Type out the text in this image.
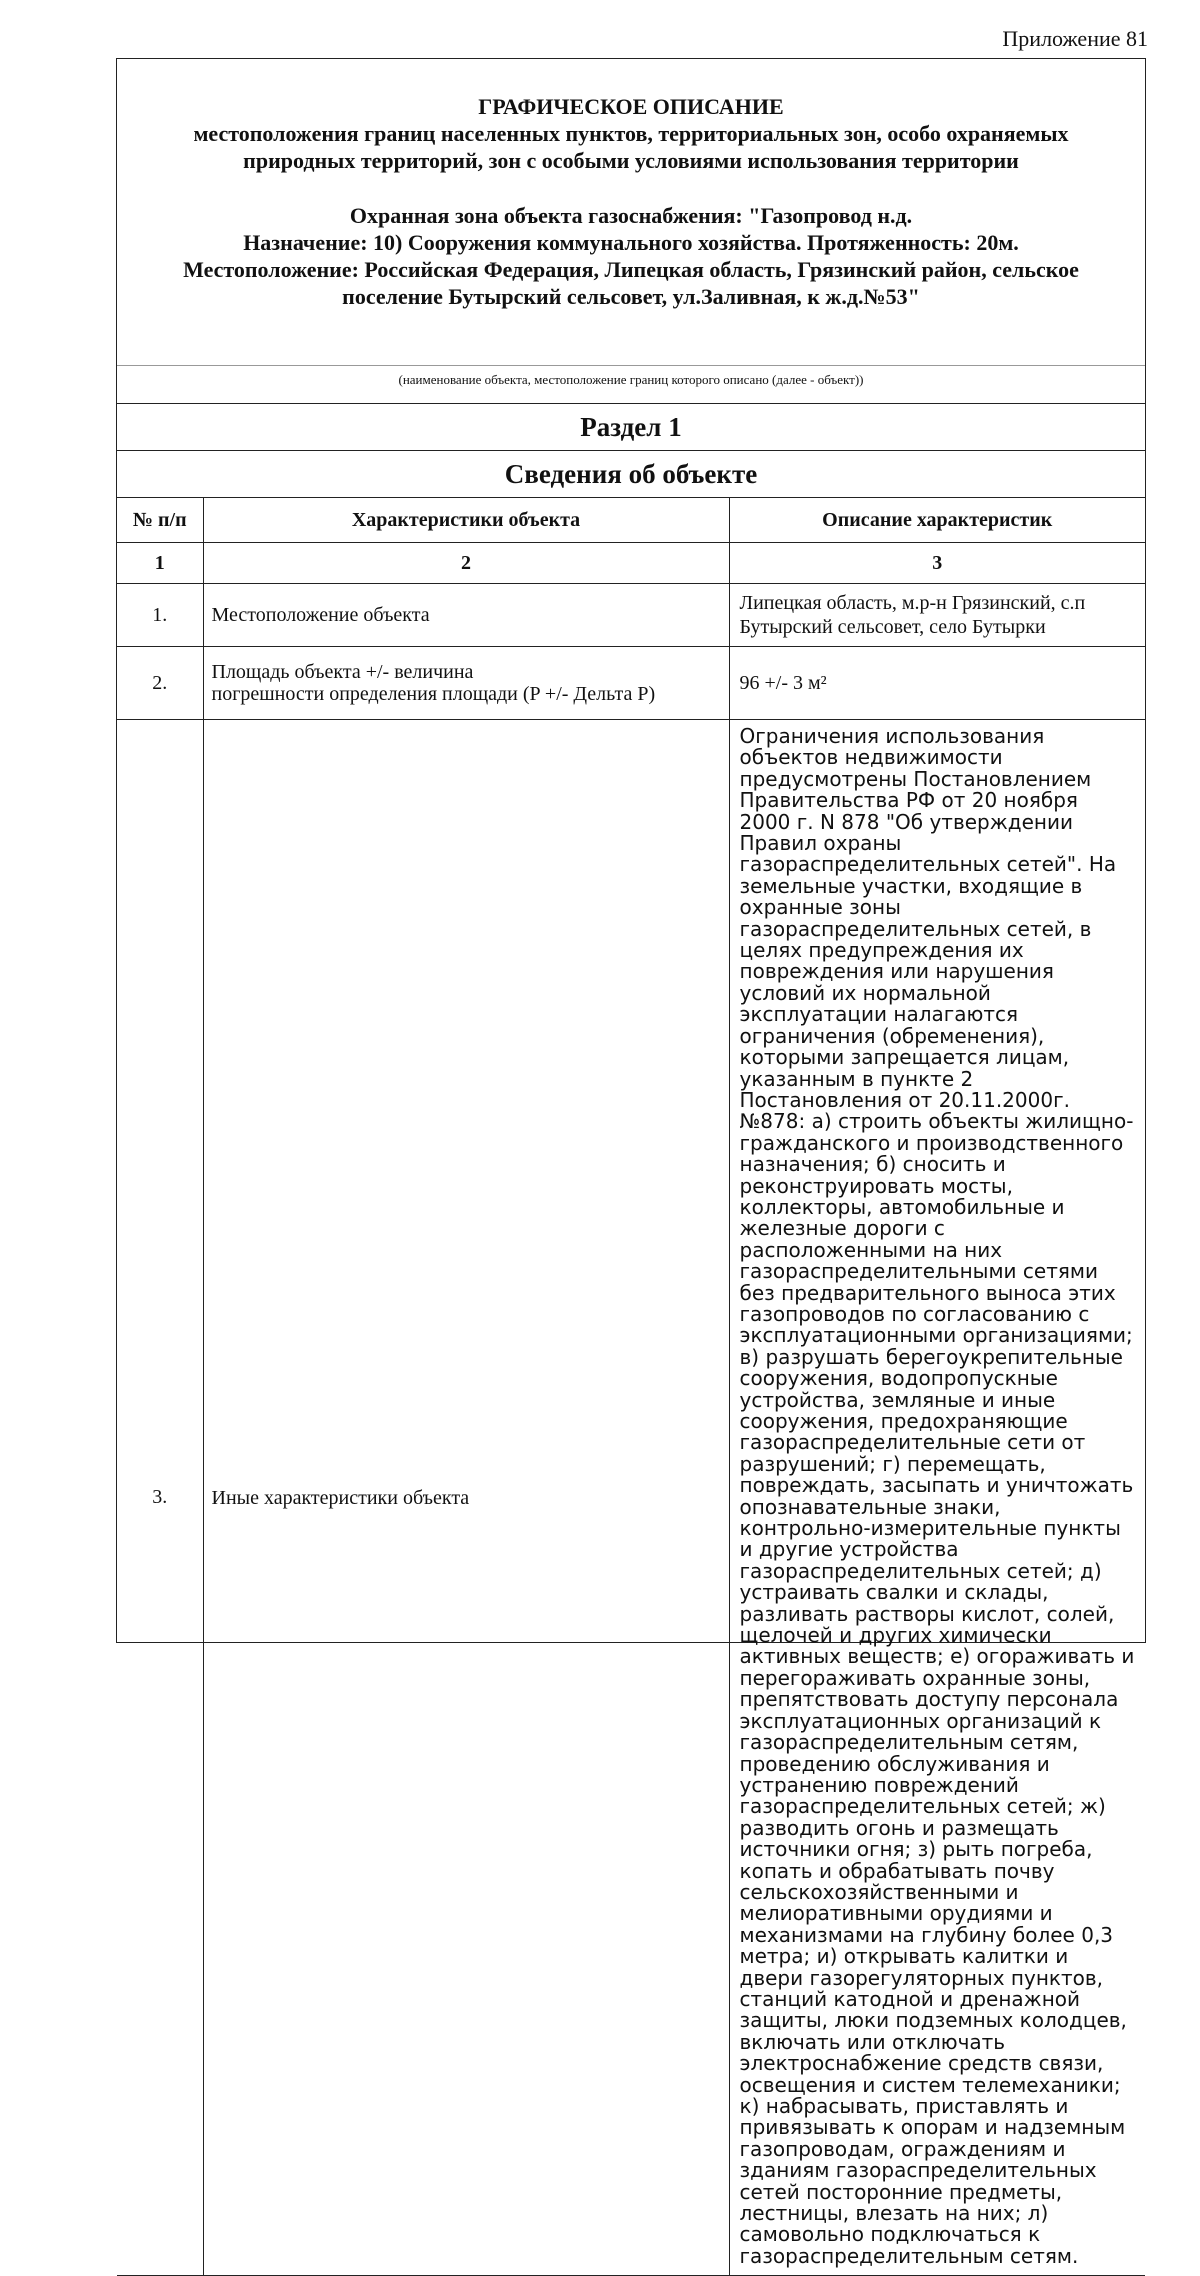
Приложение 81
ГРАФИЧЕСКОЕ ОПИСАНИЕ
местоположения границ населенных пунктов, территориальных зон, особо охраняемых
природных территорий, зон с особыми условиями использования территории
Охранная зона объекта газоснабжения: "Газопровод н.д.
Назначение: 10) Сооружения коммунального хозяйства. Протяженность: 20м.
Местоположение: Российская Федерация, Липецкая область, Грязинский район, сельское
поселение Бутырский сельсовет, ул.Заливная, к ж.д.№53"
(наименование объекта, местоположение границ которого описано (далее - объект))
Раздел 1
Сведения об объекте
№ п/п	Характеристики объекта	Описание характеристик
1	2	3
1.	Местоположение объекта	Липецкая область, м.р-н Грязинский, с.п Бутырский сельсовет, село Бутырки
2.	Площадь объекта +/- величина
погрешности определения площади (P +/- Дельта P)	96 +/- 3 м²
3.	Иные характеристики объекта	Ограничения использования объектов недвижимости предусмотрены Постановлением Правительства РФ от 20 ноября 2000 г. N 878 "Об утверждении Правил охраны газораспределительных сетей". На земельные участки, входящие в охранные зоны газораспределительных сетей, в целях предупреждения их повреждения или нарушения условий их нормальной эксплуатации налагаются ограничения (обременения), которыми запрещается лицам, указанным в пункте 2 Постановления от 20.11.2000г. №878: а) строить объекты жилищно-гражданского и производственного назначения; б) сносить и реконструировать мосты, коллекторы, автомобильные и железные дороги с расположенными на них газораспределительными сетями без предварительного выноса этих газопроводов по согласованию с эксплуатационными организациями; в) разрушать берегоукрепительные сооружения, водопропускные устройства, земляные и иные сооружения, предохраняющие газораспределительные сети от разрушений; г) перемещать, повреждать, засыпать и уничтожать опознавательные знаки, контрольно-измерительные пункты и другие устройства газораспределительных сетей; д) устраивать свалки и склады, разливать растворы кислот, солей, щелочей и других химически активных веществ; е) огораживать и перегораживать охранные зоны, препятствовать доступу персонала эксплуатационных организаций к газораспределительным сетям, проведению обслуживания и устранению повреждений газораспределительных сетей; ж) разводить огонь и размещать источники огня; з) рыть погреба, копать и обрабатывать почву сельскохозяйственными и мелиоративными орудиями и механизмами на глубину более 0,3 метра; и) открывать калитки и двери газорегуляторных пунктов, станций катодной и дренажной защиты, люки подземных колодцев, включать или отключать электроснабжение средств связи, освещения и систем телемеханики; к) набрасывать, приставлять и привязывать к опорам и надземным газопроводам, ограждениям и зданиям газораспределительных сетей посторонние предметы, лестницы, влезать на них; л) самовольно подключаться к газораспределительным сетям.
